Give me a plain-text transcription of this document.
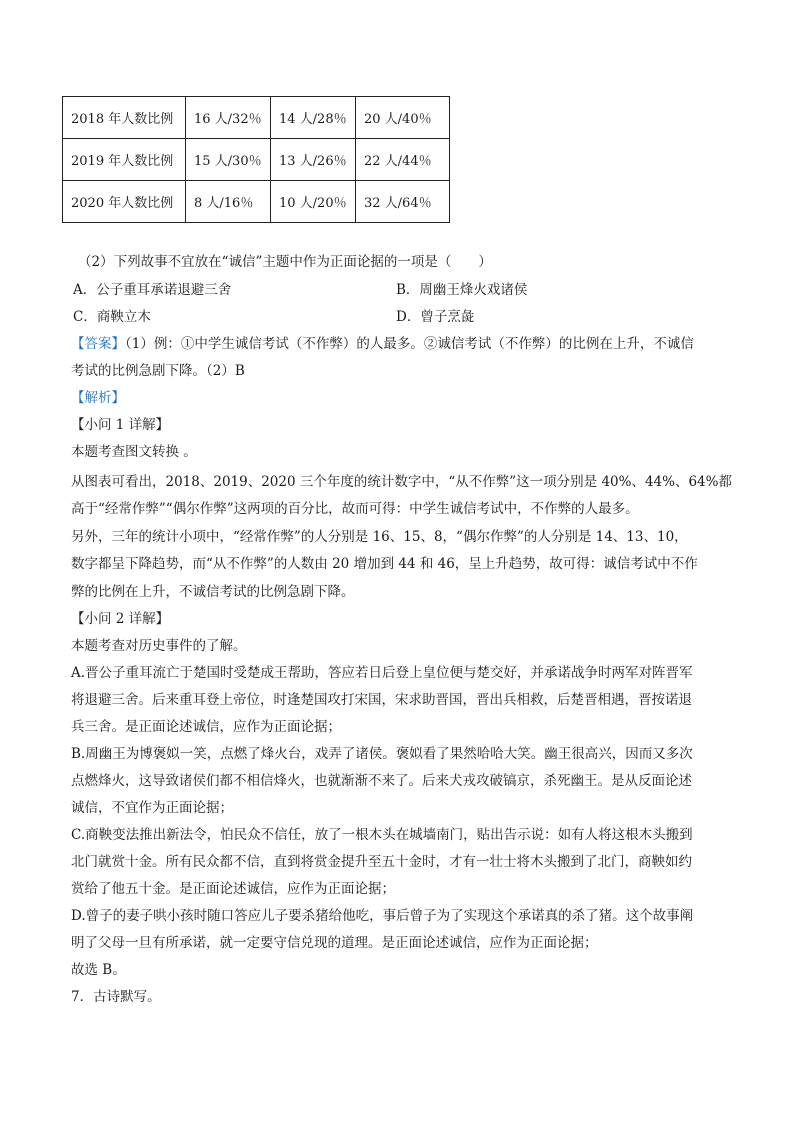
2018 年人数比例	16 人/32％	14 人/28％	20 人/40％
2019 年人数比例	15 人/30％	13 人/26％	22 人/44％
2020 年人数比例	8 人/16％	10 人/20％	32 人/64％
（2）下列故事不宜放在“诚信”主题中作为正面论据的一项是（　　）
A．公子重耳承诺退避三舍	B．周幽王烽火戏诸侯
C．商鞅立木	D．曾子烹彘
【答案】（1）例：①中学生诚信考试（不作弊）的人最多。②诚信考试（不作弊）的比例在上升，不诚信
考试的比例急剧下降。（2）B
【解析】
【小问 1 详解】
本题考查图文转换 。
从图表可看出，2018、2019、2020 三个年度的统计数字中，“从不作弊”这一项分别是 40%、44%、64%都
高于“经常作弊”“偶尔作弊”这两项的百分比，故而可得：中学生诚信考试中，不作弊的人最多。
另外，三年的统计小项中，“经常作弊”的人分别是 16、15、8，“偶尔作弊”的人分别是 14、13、10，
数字都呈下降趋势，而“从不作弊”的人数由 20 增加到 44 和 46，呈上升趋势，故可得：诚信考试中不作
弊的比例在上升，不诚信考试的比例急剧下降。
【小问 2 详解】
本题考查对历史事件的了解。
A.晋公子重耳流亡于楚国时受楚成王帮助，答应若日后登上皇位便与楚交好，并承诺战争时两军对阵晋军
将退避三舍。后来重耳登上帝位，时逢楚国攻打宋国，宋求助晋国，晋出兵相救，后楚晋相遇，晋按诺退
兵三舍。是正面论述诚信，应作为正面论据；
B.周幽王为博褒姒一笑，点燃了烽火台，戏弄了诸侯。褒姒看了果然哈哈大笑。幽王很高兴，因而又多次
点燃烽火，这导致诸侯们都不相信烽火，也就渐渐不来了。后来犬戎攻破镐京，杀死幽王。是从反面论述
诚信，不宜作为正面论据；
C.商鞅变法推出新法令，怕民众不信任，放了一根木头在城墙南门，贴出告示说：如有人将这根木头搬到
北门就赏十金。所有民众都不信，直到将赏金提升至五十金时，才有一壮士将木头搬到了北门，商鞅如约
赏给了他五十金。是正面论述诚信，应作为正面论据；
D.曾子的妻子哄小孩时随口答应儿子要杀猪给他吃，事后曾子为了实现这个承诺真的杀了猪。这个故事阐
明了父母一旦有所承诺，就一定要守信兑现的道理。是正面论述诚信，应作为正面论据；
故选 B。
7．古诗默写。
